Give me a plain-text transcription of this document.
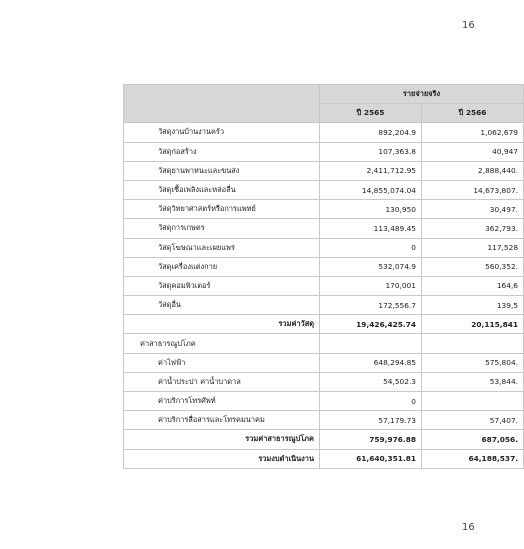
16
	รายจ่ายจริง	
	ปี 2565	ปี 2566
วัสดุงานบ้านงานครัว	892,204.9	1,062,679
วัสดุก่อสร้าง	107,363.8	40,947
วัสดุยานพาหนะและขนส่ง	2,411,712.95	2,888,440.
วัสดุเชื้อเพลิงและหล่อลื่น	14,855,074.04	14,673,807.
วัสดุวิทยาศาสตร์หรือการแพทย์	130,950	30,497.
วัสดุการเกษตร	113,489.45	362,793.
วัสดุโฆษณาและเผยแพร่	0	117,528
วัสดุเครื่องแต่งกาย	532,074.9	560,352.
วัสดุคอมพิวเตอร์	170,001	164,6
วัสดุอื่น	172,556.7	139,5
รวมค่าวัสดุ	19,426,425.74	20,115,841
ค่าสาธารณูปโภค		
ค่าไฟฟ้า	648,294.85	575,804.
ค่าน้ำประปา ค่าน้ำบาดาล	54,502.3	53,844.
ค่าบริการโทรศัพท์	0	
ค่าบริการสื่อสารและโทรคมนาคม	57,179.73	57,407.
รวมค่าสาธารณูปโภค	759,976.88	687,056.
รวมงบดำเนินงาน	61,640,351.81	64,188,537.
16
